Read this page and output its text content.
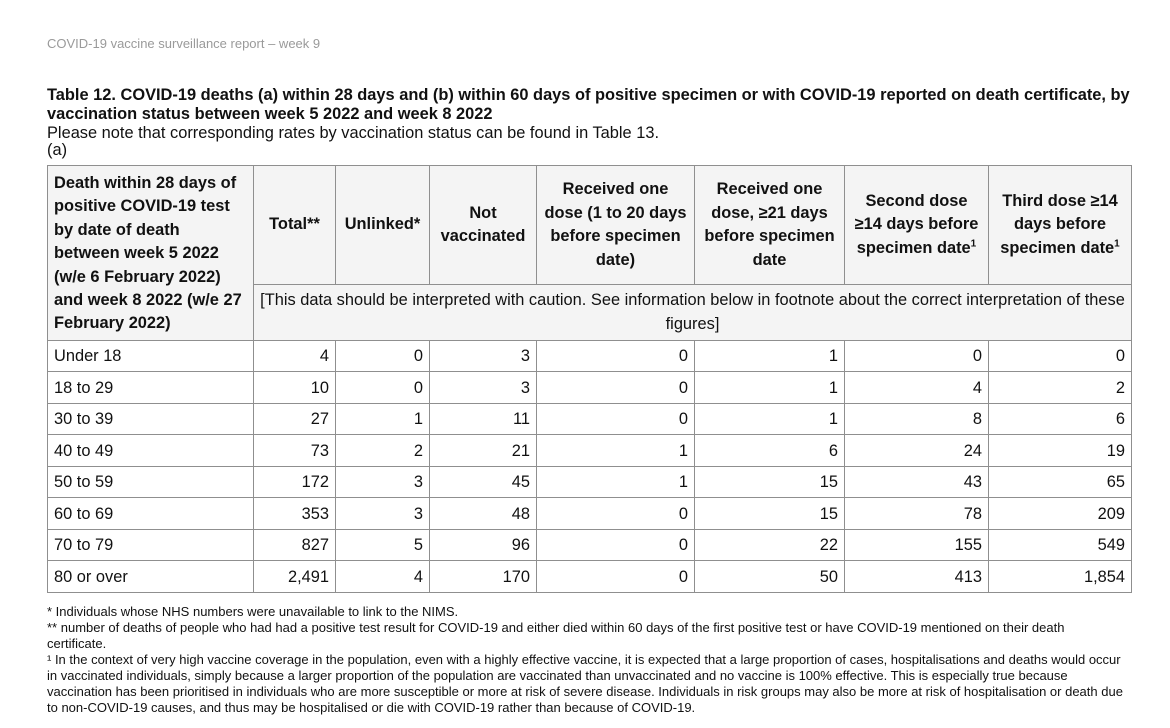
COVID-19 vaccine surveillance report – week 9

Table 12. COVID-19 deaths (a) within 28 days and (b) within 60 days of positive specimen or with COVID-19 reported on death certificate, by vaccination status between week 5 2022 and week 8 2022

Please note that corresponding rates by vaccination status can be found in Table 13.

(a)

Death within 28 days of positive COVID-19 test by date of death between week 5 2022 (w/e 6 February 2022) and week 8 2022 (w/e 27 February 2022)	Total**	Unlinked*	Not vaccinated	Received one dose (1 to 20 days before specimen date)	Received one dose, ≥21 days before specimen date	Second dose ≥14 days before specimen date$^1$	Third dose ≥14 days before specimen date$^1$
	[This data should be interpreted with caution. See information below in footnote about the correct interpretation of these figures]						
Under 18	4	0	3	0	1	0	0
18 to 29	10	0	3	0	1	4	2
30 to 39	27	1	11	0	1	8	6
40 to 49	73	2	21	1	6	24	19
50 to 59	172	3	45	1	15	43	65
60 to 69	353	3	48	0	15	78	209
70 to 79	827	5	96	0	22	155	549
80 or over	2,491	4	170	0	50	413	1,854

* Individuals whose NHS numbers were unavailable to link to the NIMS.

** number of deaths of people who had had a positive test result for COVID-19 and either died within 60 days of the first positive test or have COVID-19 mentioned on their death certificate.

¹ In the context of very high vaccine coverage in the population, even with a highly effective vaccine, it is expected that a large proportion of cases, hospitalisations and deaths would occur in vaccinated individuals, simply because a larger proportion of the population are vaccinated than unvaccinated and no vaccine is 100% effective. This is especially true because vaccination has been prioritised in individuals who are more susceptible or more at risk of severe disease. Individuals in risk groups may also be more at risk of hospitalisation or death due to non-COVID-19 causes, and thus may be hospitalised or die with COVID-19 rather than because of COVID-19.
